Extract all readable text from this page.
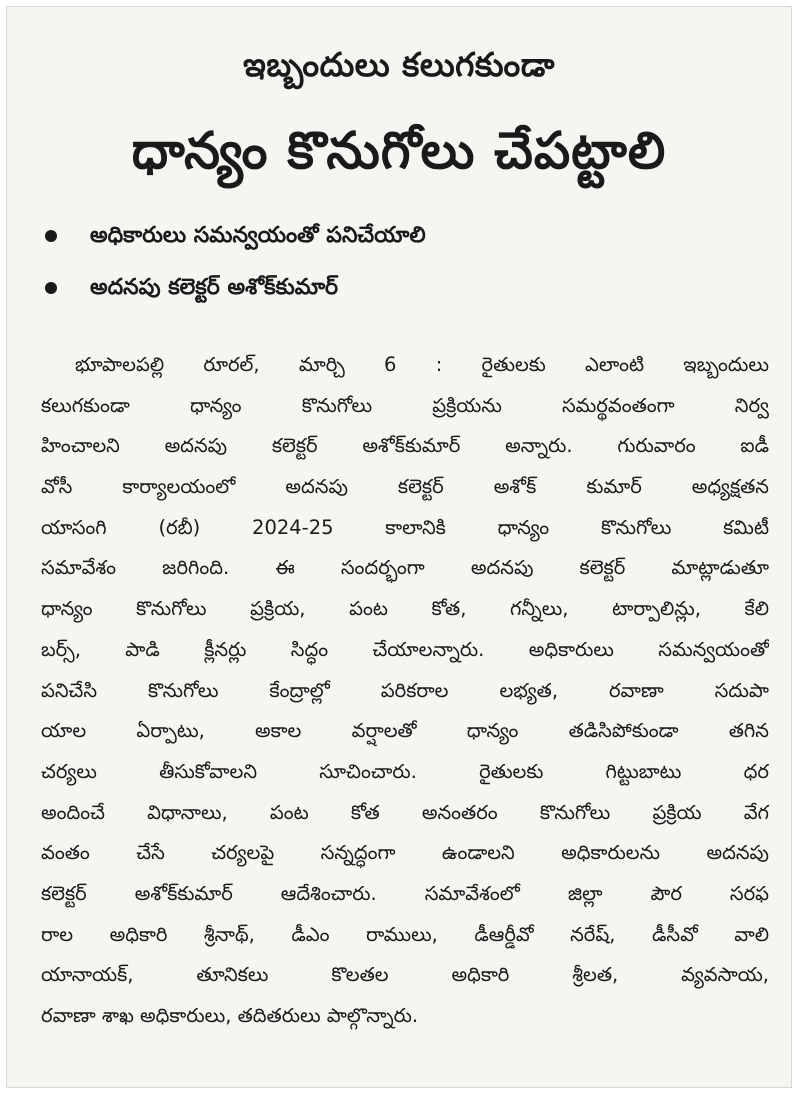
ఇబ్బందులు కలుగకుండా
ధాన్యం కొనుగోలు చేపట్టాలి
అధికారులు సమన్వయంతో పనిచేయాలి
అదనపు కలెక్టర్ అశోక్‌కుమార్
భూపాలపల్లి రూరల్, మార్చి 6 : రైతులకు ఎలాంటి ఇబ్బందులు
కలుగకుండా ధాన్యం కొనుగోలు ప్రక్రియను సమర్థవంతంగా నిర్వ
హించాలని అదనపు కలెక్టర్ అశోక్‌కుమార్ అన్నారు. గురువారం ఐడీ
వోసీ కార్యాలయంలో అదనపు కలెక్టర్ అశోక్ కుమార్ అధ్యక్షతన
యాసంగి (రబీ) 2024-25 కాలానికి ధాన్యం కొనుగోలు కమిటీ
సమావేశం జరిగింది. ఈ సందర్భంగా అదనపు కలెక్టర్ మాట్లాడుతూ
ధాన్యం కొనుగోలు ప్రక్రియ, పంట కోత, గన్నీలు, టార్పాలిన్లు, కేలి
బర్స్, పాడి క్లీనర్లు సిద్ధం చేయాలన్నారు. అధికారులు సమన్వయంతో
పనిచేసి కొనుగోలు కేంద్రాల్లో పరికరాల లభ్యత, రవాణా సదుపా
యాల ఏర్పాటు, అకాల వర్షాలతో ధాన్యం తడిసిపోకుండా తగిన
చర్యలు తీసుకోవాలని సూచించారు. రైతులకు గిట్టుబాటు ధర
అందించే విధానాలు, పంట కోత అనంతరం కొనుగోలు ప్రక్రియ వేగ
వంతం చేసే చర్యలపై సన్నద్ధంగా ఉండాలని అధికారులను అదనపు
కలెక్టర్ అశోక్‌కుమార్ ఆదేశించారు. సమావేశంలో జిల్లా పౌర సరఫ
రాల అధికారి శ్రీనాథ్, డీఎం రాములు, డీఆర్డీవో నరేష్, డీసీవో వాలి
యానాయక్, తూనికలు కొలతల అధికారి శ్రీలత, వ్యవసాయ,
రవాణా శాఖ అధికారులు, తదితరులు పాల్గొన్నారు.
